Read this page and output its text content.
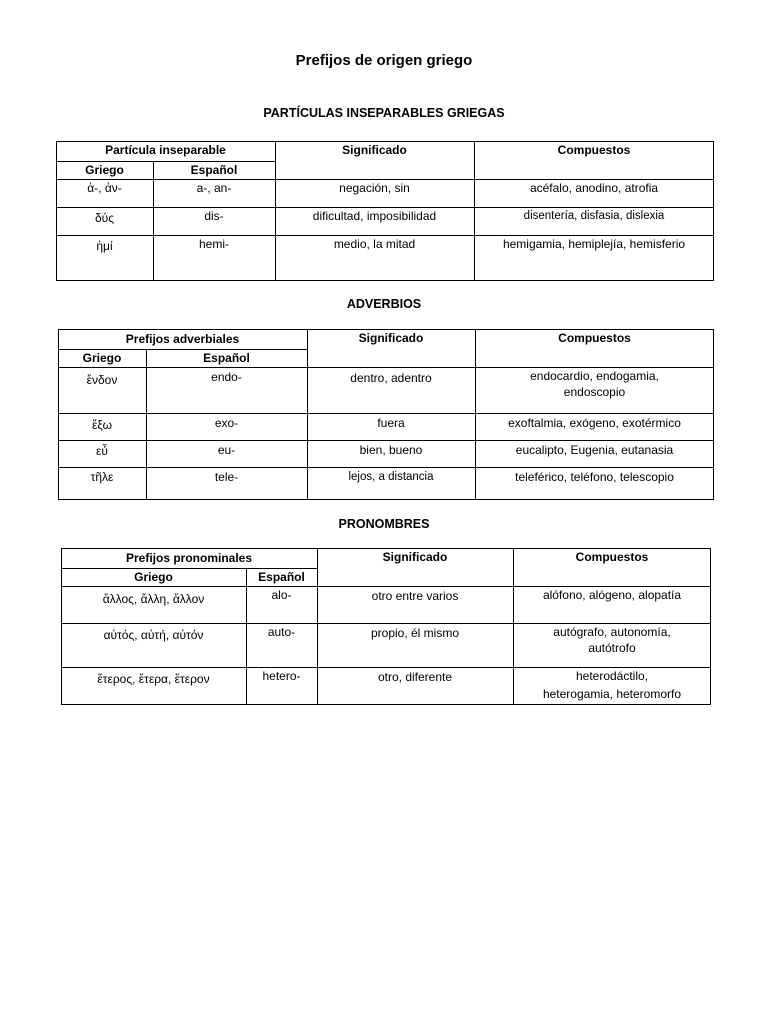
Prefijos de origen griego
PARTÍCULAS INSEPARABLES GRIEGAS
Partícula inseparable
Griego	Español
Significado	Compuestos
ἀ-, ἀν-	a-, an-	negación, sin	acéfalo, anodino, atrofia
δύς	dis-	dificultad, imposibilidad	disentería, disfasia, dislexia
ἡμί	hemi-	medio, la mitad	hemigamia, hemiplejía, hemisferio
ADVERBIOS
Prefijos adverbiales
Griego	Español
Significado	Compuestos
ἔνδον	endo-	dentro, adentro	endocardio, endogamia,
endoscopio
ἔξω	exo-	fuera	exoftalmia, exógeno, exotérmico
εὖ	eu-	bien, bueno	eucalipto, Eugenia, eutanasia
τῆλε	tele-	lejos, a distancia	teleférico, teléfono, telescopio
PRONOMBRES
Prefijos pronominales
Griego	Español
Significado	Compuestos
ἄλλος, ἄλλη, ἄλλον	alo-	otro entre varios	alófono, alógeno, alopatía
αὐτός, αὐτή, αὐτόν	auto-	propio, él mismo	autógrafo, autonomía,
autótrofo
ἕτερος, ἕτερα, ἕτερον	hetero-	otro, diferente	heterodáctilo,
heterogamia, heteromorfo
